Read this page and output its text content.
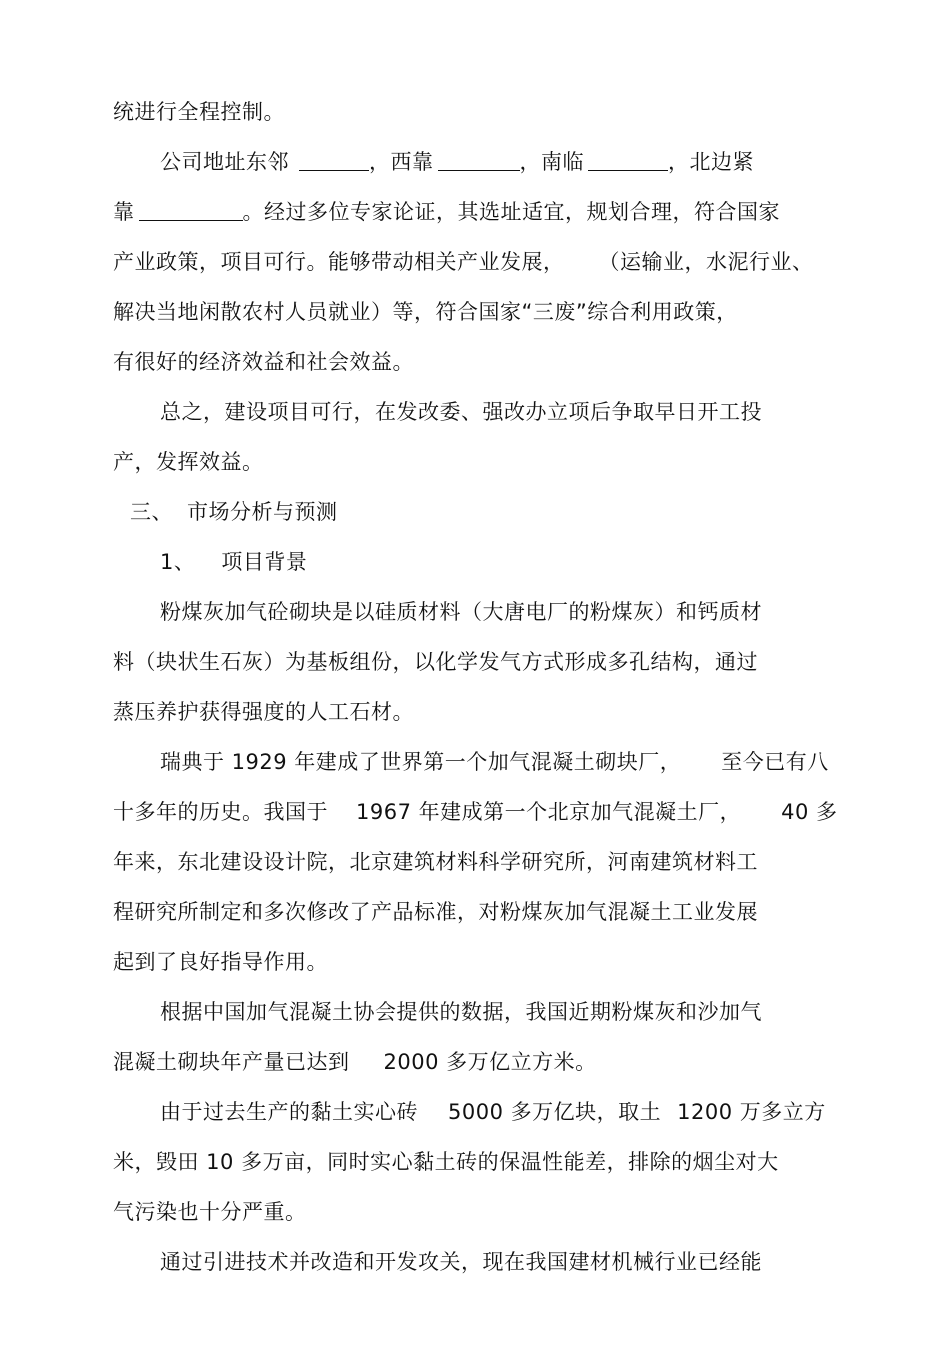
统进行全程控制。
公司地址东邻	，西靠	，南临	，北边紧
靠	。经过多位专家论证，其选址适宜，规划合理，符合国家
产业政策，项目可行。能够带动相关产业发展， （运输业，水泥行业、
解决当地闲散农村人员就业）等，符合国家“三废”综合利用政策，
有很好的经济效益和社会效益。
总之，建设项目可行，在发改委、强改办立项后争取早日开工投
产，发挥效益。
三、 市场分析与预测
1、 项目背景
粉煤灰加气砼砌块是以硅质材料（大唐电厂的粉煤灰）和钙质材
料（块状生石灰）为基板组份，以化学发气方式形成多孔结构，通过
蒸压养护获得强度的人工石材。
瑞典于 1929 年建成了世界第一个加气混凝土砌块厂， 至今已有八
十多年的历史。我国于 1967 年建成第一个北京加气混凝土厂， 40 多
年来，东北建设设计院，北京建筑材料科学研究所，河南建筑材料工
程研究所制定和多次修改了产品标准，对粉煤灰加气混凝土工业发展
起到了良好指导作用。
根据中国加气混凝土协会提供的数据，我国近期粉煤灰和沙加气
混凝土砌块年产量已达到 2000 多万亿立方米。
由于过去生产的黏土实心砖 5000 多万亿块，取土 1200 万多立方
米，毁田 10 多万亩，同时实心黏土砖的保温性能差，排除的烟尘对大
气污染也十分严重。
通过引进技术并改造和开发攻关，现在我国建材机械行业已经能
